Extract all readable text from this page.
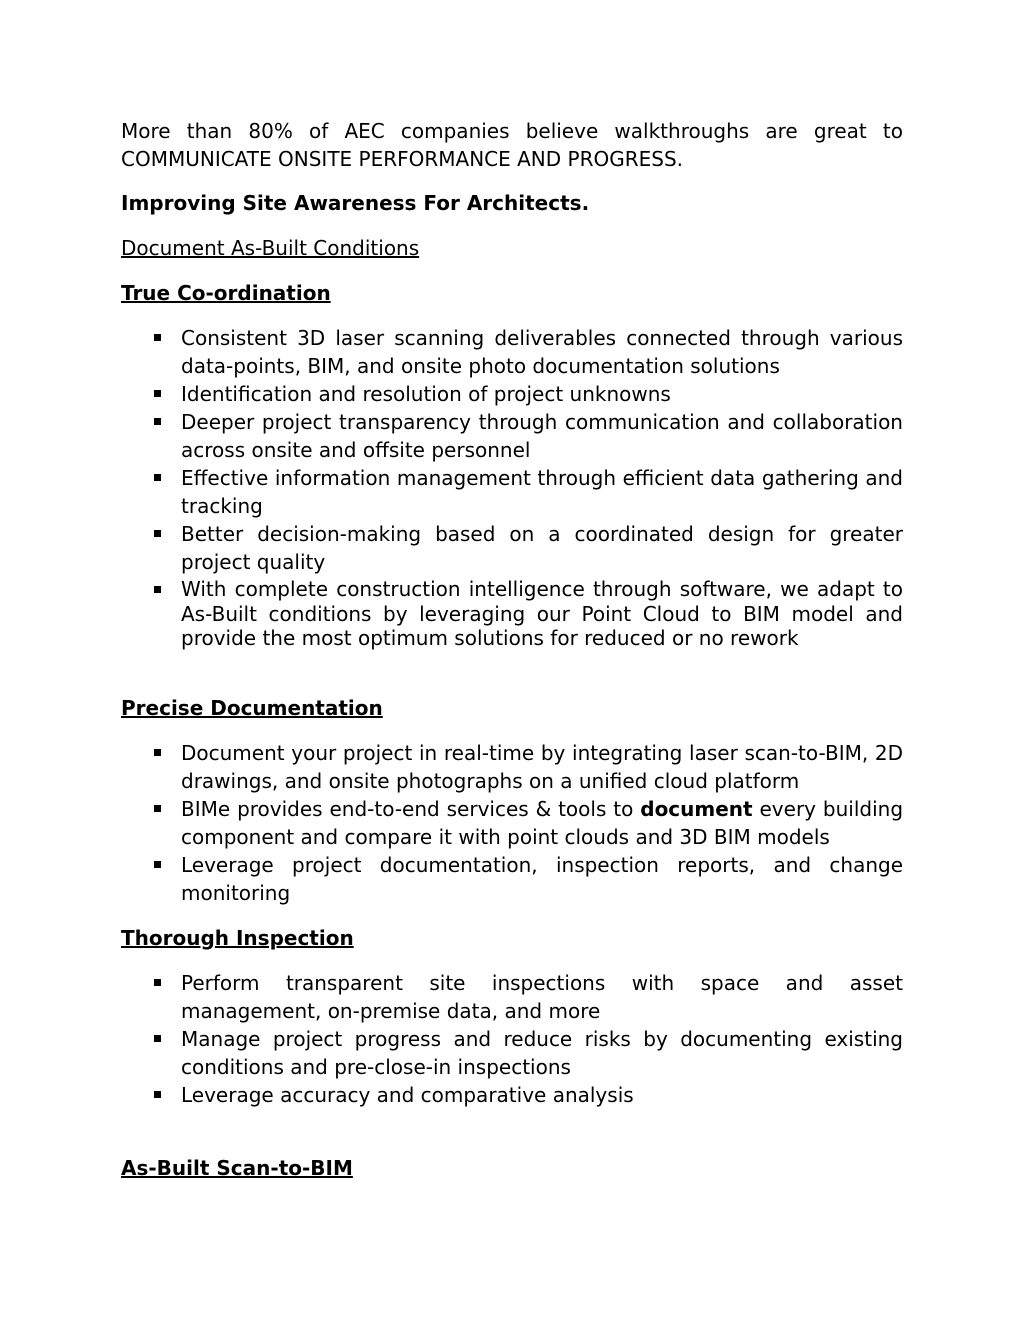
More than 80% of AEC companies believe walkthroughs are great to COMMUNICATE ONSITE PERFORMANCE AND PROGRESS.

Improving Site Awareness For Architects.

Document As-Built Conditions

True Co-ordination

Consistent 3D laser scanning deliverables connected through various data-points, BIM, and onsite photo documentation solutions
Identification and resolution of project unknowns
Deeper project transparency through communication and collaboration across onsite and offsite personnel
Effective information management through efficient data gathering and tracking
Better decision-making based on a coordinated design for greater project quality
With complete construction intelligence through software, we adapt to As-Built conditions by leveraging our Point Cloud to BIM model and provide the most optimum solutions for reduced or no rework

Precise Documentation

Document your project in real-time by integrating laser scan-to-BIM, 2D drawings, and onsite photographs on a unified cloud platform
BIMe provides end-to-end services & tools to document every building component and compare it with point clouds and 3D BIM models
Leverage project documentation, inspection reports, and change monitoring

Thorough Inspection

Perform transparent site inspections with space and asset management, on-premise data, and more
Manage project progress and reduce risks by documenting existing conditions and pre-close-in inspections
Leverage accuracy and comparative analysis

As-Built Scan-to-BIM
